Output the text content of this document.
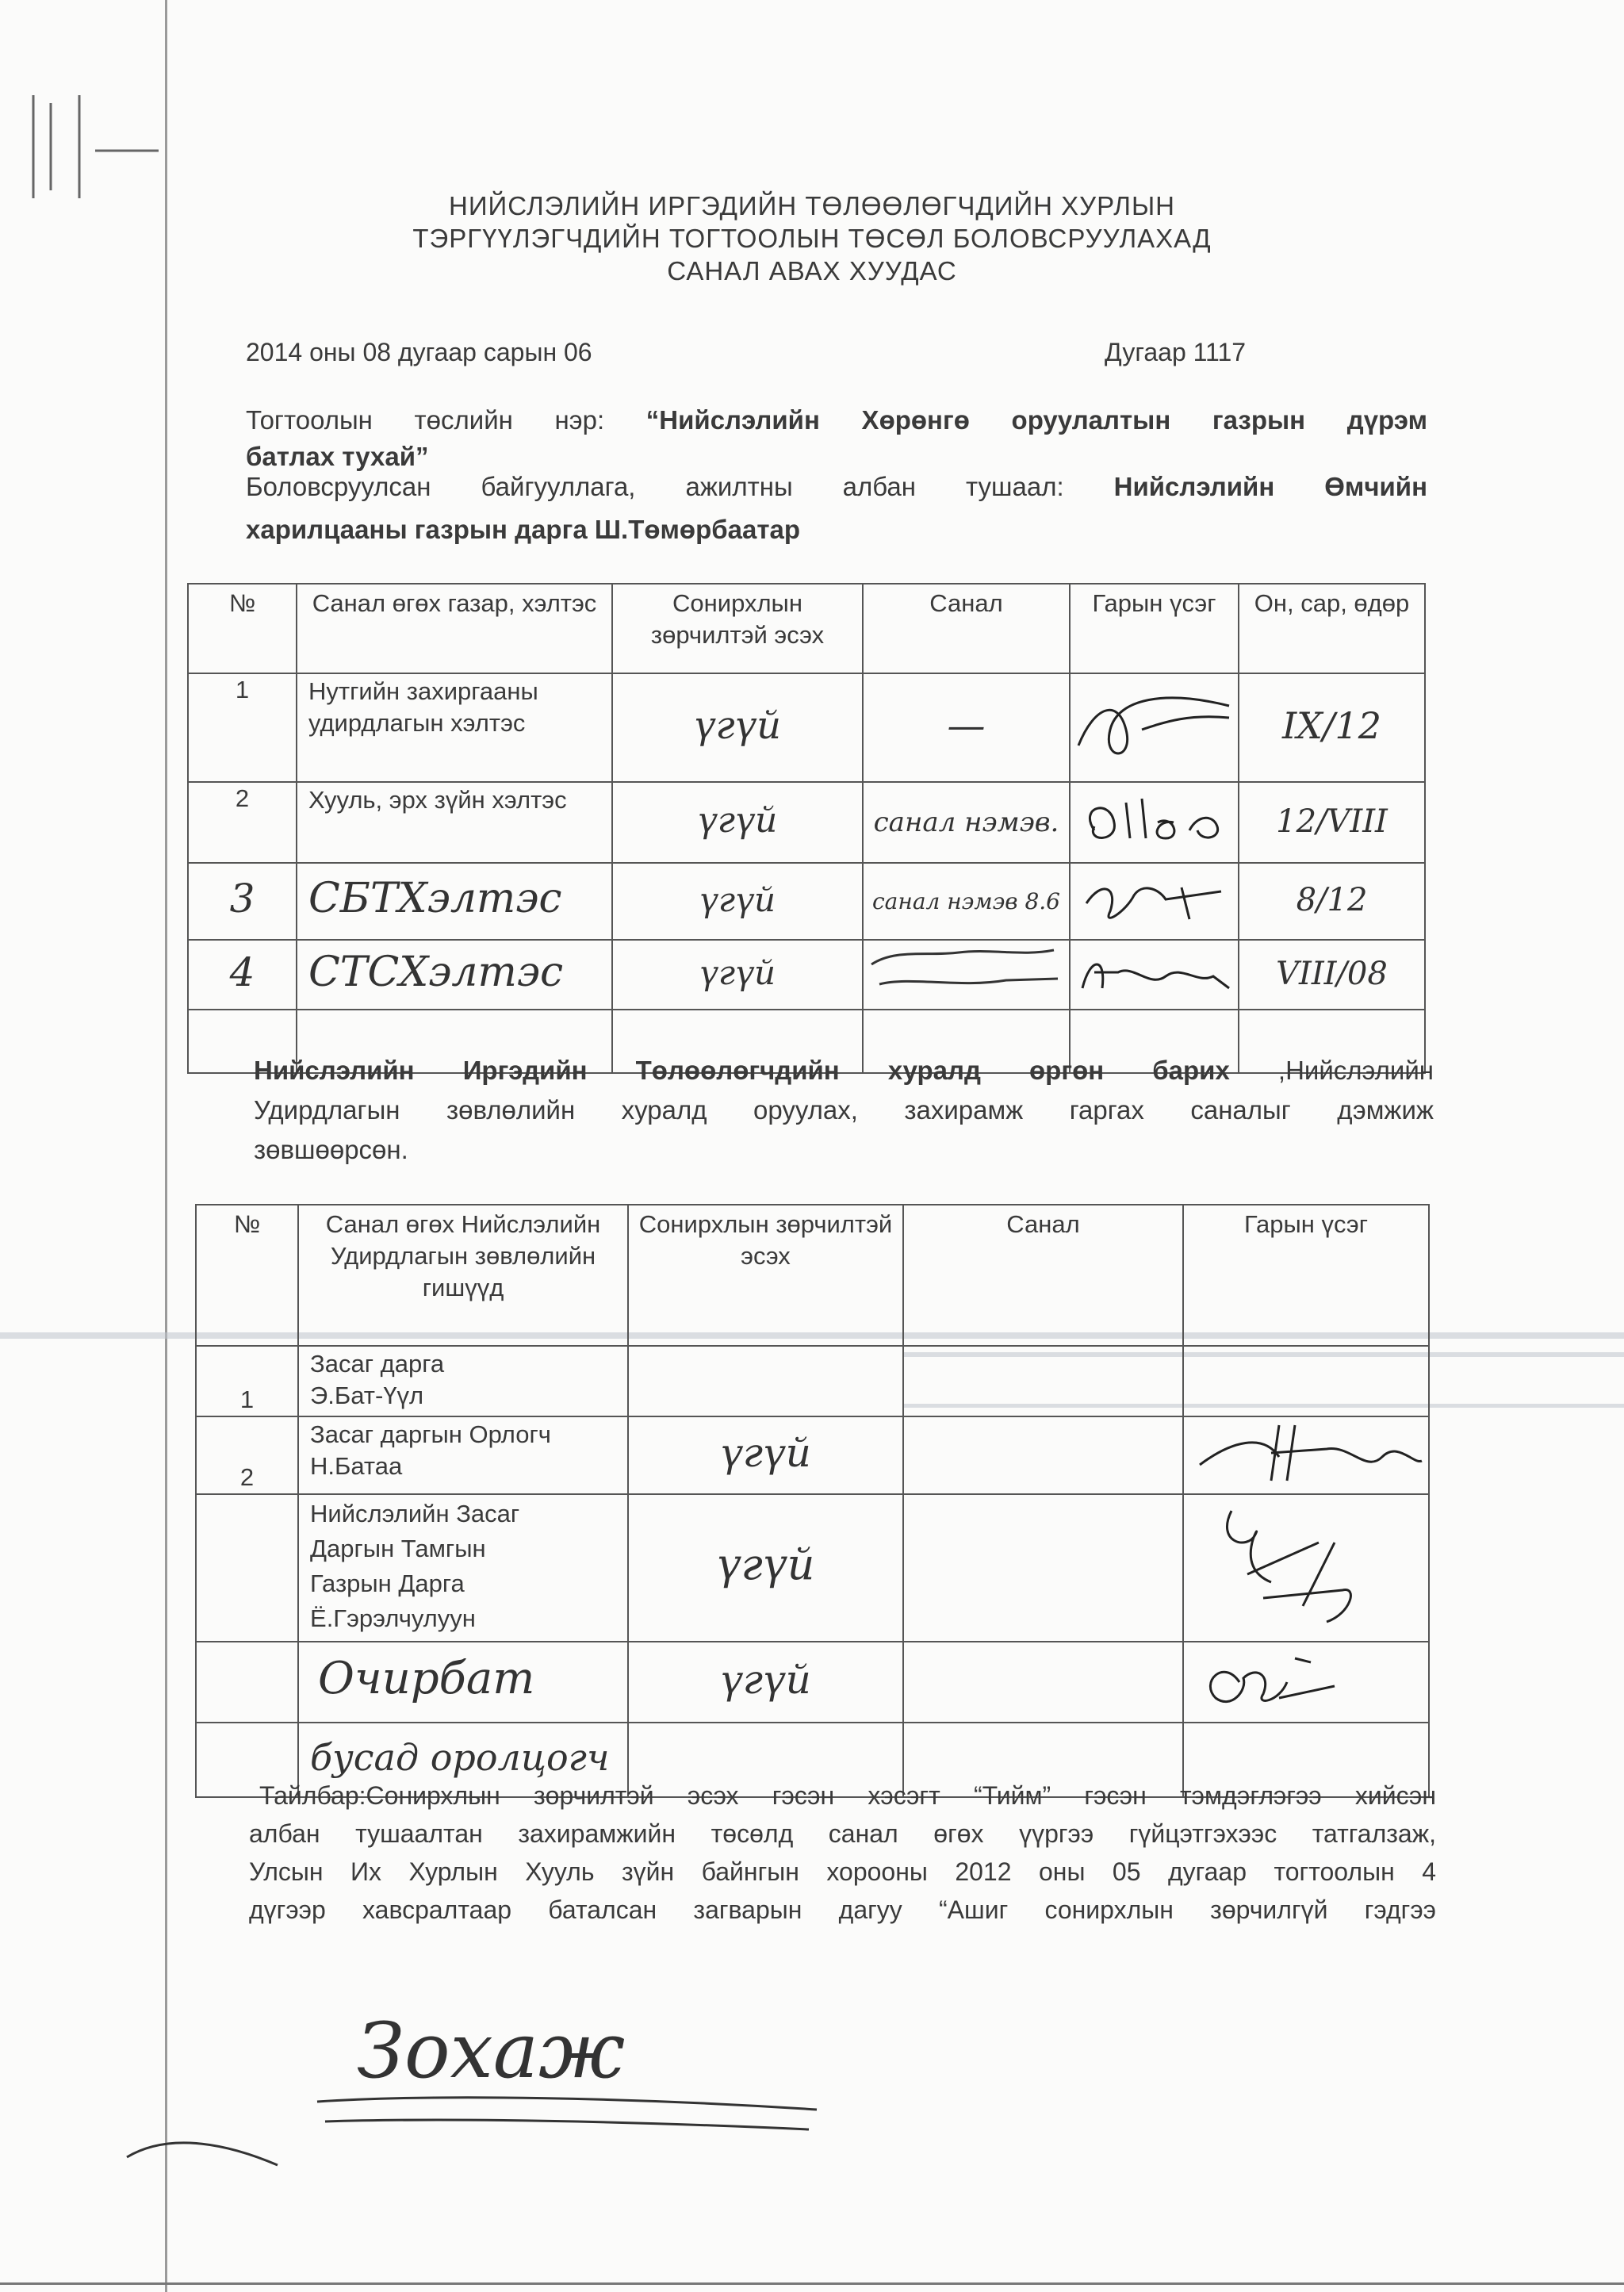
НИЙСЛЭЛИЙН ИРГЭДИЙН ТӨЛӨӨЛӨГЧДИЙН ХУРЛЫН
ТЭРГҮҮЛЭГЧДИЙН ТОГТООЛЫН ТӨСӨЛ БОЛОВСРУУЛАХАД
САНАЛ АВАХ ХУУДАС
2014 оны 08 дугаар сарын 06	Дугаар 1117
Тогтоолын төслийн нэр: “Нийслэлийн Хөрөнгө оруулалтын газрын дүрэм
батлах тухай”
Боловсруулсан байгууллага, ажилтны албан тушаал: Нийслэлийн Өмчийн
харилцааны газрын дарга Ш.Төмөрбаатар
№	Санал өгөх газар, хэлтэс	Сонирхлын зөрчилтэй эсэх	Санал	Гарын үсэг	Он, сар, өдөр
1	Нутгийн захиргааны удирдлагын хэлтэс	үгүй	—		IX/12
2	Хууль, эрх зүйн хэлтэс	үгүй	санал нэмэв.		12/VIII
3	СБТХэлтэс	үгүй	санал нэмэв 8.6		8/12
4	СТСХэлтэс	үгүй			VIII/08

Нийслэлийн Иргэдийн Төлөөлөгчдийн хуралд өргөн барих ,Нийслэлийн
Удирдлагын зөвлөлийн хуралд оруулах, захирамж гаргах саналыг дэмжиж
зөвшөөрсөн.
№	Санал өгөх Нийслэлийн Удирдлагын зөвлөлийн гишүүд	Сонирхлын зөрчилтэй эсэх	Санал	Гарын үсэг
1	Засаг дарга
Э.Бат-Үүл			

2	Засаг даргын Орлогч
Н.Батаа	үгүй		

	Нийслэлийн Засаг Даргын Тамгын Газрын Дарга
Ё.Гэрэлчулуун	үгүй		
	Очирбат	үгүй		
	бусад оролцогч			
Тайлбар:Сонирхлын зөрчилтэй эсэх гэсэн хэсэгт “Тийм” гэсэн тэмдэглэгээ хийсэн
албан тушаалтан захирамжийн төсөлд санал өгөх үүргээ гүйцэтгэхээс татгалзаж,
Улсын Их Хурлын Хууль зүйн байнгын хорооны 2012 оны 05 дугаар тогтоолын 4
дүгээр хавсралтаар баталсан загварын дагуу “Ашиг сонирхлын зөрчилгүй гэдгээ
Зохаж
